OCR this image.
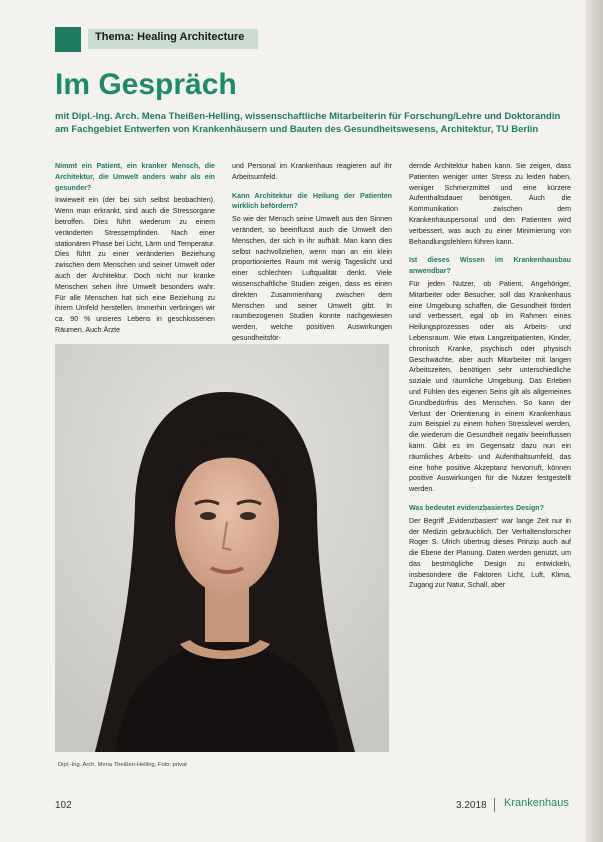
Thema: Healing Architecture
Im Gespräch
mit Dipl.-Ing. Arch. Mena Theißen-Helling, wissenschaftliche Mitarbeiterin für Forschung/Lehre und Doktorandin am Fachgebiet Entwerfen von Krankenhäusern und Bauten des Gesundheitswesens, Architektur, TU Berlin

Nimmt ein Patient, ein kranker Mensch, die Architektur, die Umwelt anders wahr als ein gesunder?

Inwieweit ein (der bei sich selbst beobachten). Wenn man erkrankt, sind auch die Stressorgane betroffen. Dies führt wiederum zu einem veränderten Stressempfinden. Nach einer stationären Phase bei Licht, Lärm und Temperatur. Dies führt zu einer veränderten Beziehung zwischen dem Menschen und seiner Umwelt oder auch der Architektur. Doch nicht nur kranke Menschen sehen ihre Umwelt besonders wahr. Für alle Menschen hat sich eine Beziehung zu ihrem Umfeld herstellen. Immerhin verbringen wir ca. 90 % unseres Lebens in geschlossenen Räumen. Auch Ärzte

und Personal im Krankenhaus reagieren auf ihr Arbeitsumfeld.

Kann Architektur die Heilung der Patienten wirklich befördern?

So wie der Mensch seine Umwelt aus den Sinnen verändert, so beeinflusst auch die Umwelt den Menschen, der sich in ihr aufhält. Man kann dies selbst nachvollziehen, wenn man an ein klein proportioniertes Raum mit wenig Tageslicht und einer schlechten Luftqualität denkt. Viele wissenschaftliche Studien zeigen, dass es einen direkten Zusammenhang zwischen dem Menschen und seiner Umwelt gibt. In raumbezogenen Studien konnte nachgewiesen werden, welche positiven Auswirkungen gesundheitsför-

dernde Architektur haben kann. Sie zeigen, dass Patienten weniger unter Stress zu leiden haben, weniger Schmerzmittel und eine kürzere Aufenthaltsdauer benötigen. Auch die Kommunikation zwischen dem Krankenhauspersonal und den Patienten wird verbessert, was auch zu einer Minimierung von Behandlungsfehlern führen kann.

Ist dieses Wissen im Krankenhausbau anwendbar?

Für jeden Nutzer, ob Patient, Angehöriger, Mitarbeiter oder Besucher, soll das Krankenhaus eine Umgebung schaffen, die Gesundheit fördert und verbessert, egal ob im Rahmen eines Heilungsprozesses oder als Arbeits- und Lebensraum. Wie etwa Langzeitpatienten, Kinder, chronisch Kranke, psychisch oder physisch Geschwächte, aber auch Mitarbeiter mit langen Arbeitszeiten, benötigen sehr unterschiedliche soziale und räumliche Umgebung. Das Erleben und Fühlen des eigenen Seins gilt als allgemeines Grundbedürfnis des Menschen. So kann der Verlust der Orientierung in einem Krankenhaus zum Beispiel zu einem hohen Stresslevel werden, die wiederum die Gesundheit negativ beeinflussen kann. Gibt es im Gegensatz dazu nun ein räumliches Arbeits- und Aufenthaltsumfeld, das eine hohe positive Akzeptanz hervorruft, können positive Auswirkungen für die Nutzer festgestellt werden.

Was bedeutet evidenzbasiertes Design?

Der Begriff „Evidenzbasiert“ war lange Zeit nur in der Medizin gebräuchlich. Der Verhaltensforscher Roger S. Ulrich übertrug dieses Prinzip auch auf die Ebene der Planung. Daten werden genutzt, um das bestmögliche Design zu entwickeln, insbesondere die Faktoren Licht, Luft, Klima, Zugang zur Natur, Schall, aber

Dipl.-Ing. Arch. Mena Theißen-Helling, Foto: privat
102	3.2018 Krankenhaus
